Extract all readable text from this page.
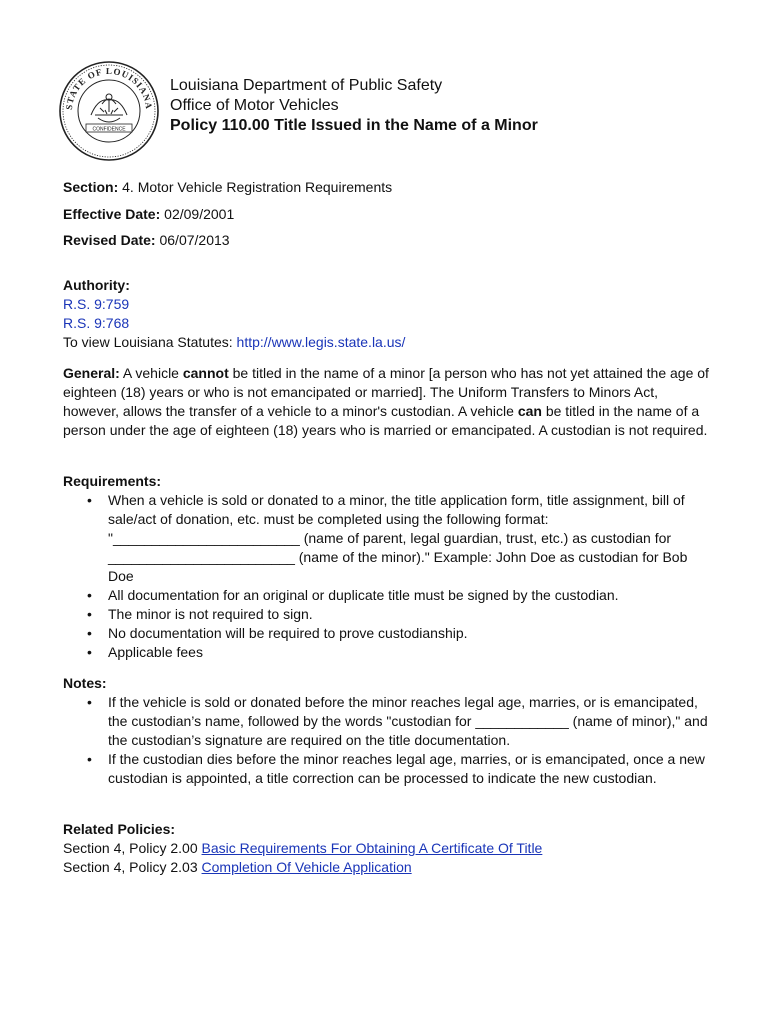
STATE OF LOUISIANA
CONFIDENCE
Louisiana Department of Public Safety
Office of Motor Vehicles
Policy 110.00 Title Issued in the Name of a Minor
Section: 4. Motor Vehicle Registration Requirements
Effective Date: 02/09/2001
Revised Date: 06/07/2013
Authority:
R.S. 9:759
R.S. 9:768
To view Louisiana Statutes: http://www.legis.state.la.us/
General: A vehicle cannot be titled in the name of a minor [a person who has not yet attained the age of eighteen (18) years or who is not emancipated or married]. The Uniform Transfers to Minors Act, however, allows the transfer of a vehicle to a minor's custodian. A vehicle can be titled in the name of a person under the age of eighteen (18) years who is married or emancipated. A custodian is not required.
Requirements:
• When a vehicle is sold or donated to a minor, the title application form, title assignment, bill of sale/act of donation, etc. must be completed using the following format: "________________________ (name of parent, legal guardian, trust, etc.) as custodian for ________________________ (name of the minor)." Example: John Doe as custodian for Bob Doe
• All documentation for an original or duplicate title must be signed by the custodian.
• The minor is not required to sign.
• No documentation will be required to prove custodianship.
• Applicable fees
Notes:
• If the vehicle is sold or donated before the minor reaches legal age, marries, or is emancipated, the custodian’s name, followed by the words "custodian for ____________ (name of minor)," and the custodian’s signature are required on the title documentation.
• If the custodian dies before the minor reaches legal age, marries, or is emancipated, once a new custodian is appointed, a title correction can be processed to indicate the new custodian.
Related Policies:
Section 4, Policy 2.00 Basic Requirements For Obtaining A Certificate Of Title
Section 4, Policy 2.03 Completion Of Vehicle Application
